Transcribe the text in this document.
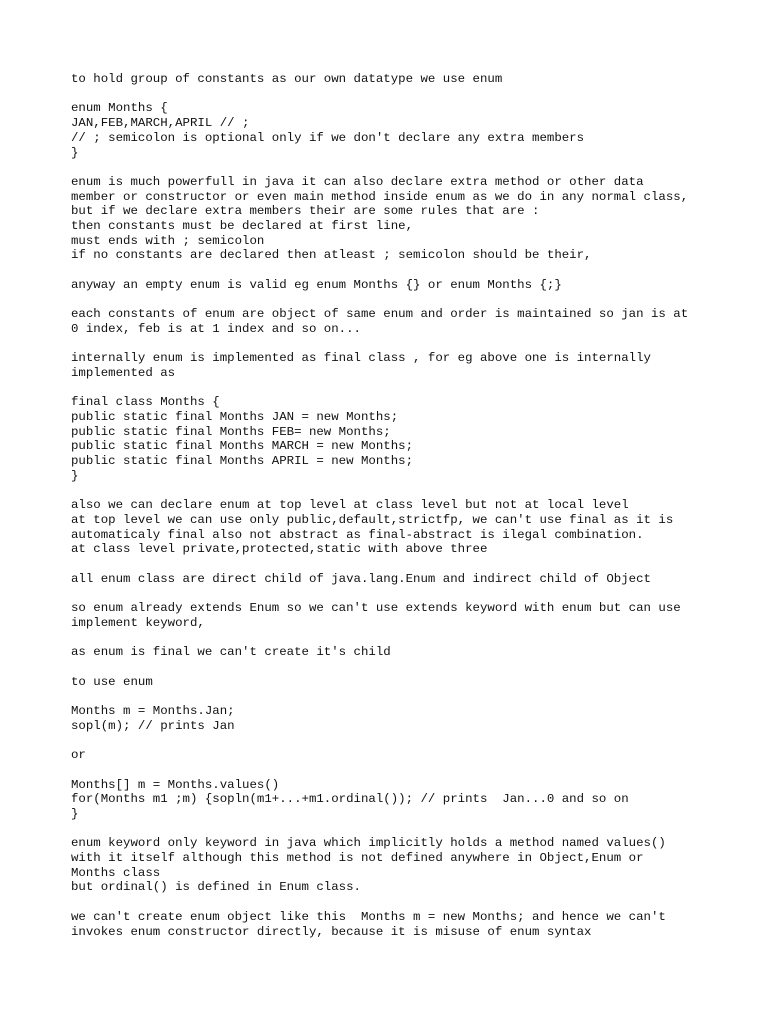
to hold group of constants as our own datatype we use enum
enum Months {
JAN,FEB,MARCH,APRIL // ;
// ; semicolon is optional only if we don't declare any extra members
}
enum is much powerfull in java it can also declare extra method or other data
member or constructor or even main method inside enum as we do in any normal class,
but if we declare extra members their are some rules that are :
then constants must be declared at first line,
must ends with ; semicolon
if no constants are declared then atleast ; semicolon should be their,
anyway an empty enum is valid eg enum Months {} or enum Months {;}
each constants of enum are object of same enum and order is maintained so jan is at
0 index, feb is at 1 index and so on...
internally enum is implemented as final class , for eg above one is internally
implemented as
final class Months {
public static final Months JAN = new Months;
public static final Months FEB= new Months;
public static final Months MARCH = new Months;
public static final Months APRIL = new Months;
}
also we can declare enum at top level at class level but not at local level
at top level we can use only public,default,strictfp, we can't use final as it is
automaticaly final also not abstract as final-abstract is ilegal combination.
at class level private,protected,static with above three
all enum class are direct child of java.lang.Enum and indirect child of Object
so enum already extends Enum so we can't use extends keyword with enum but can use
implement keyword,
as enum is final we can't create it's child
to use enum
Months m = Months.Jan;
sopl(m); // prints Jan
or
Months[] m = Months.values()
for(Months m1 ;m) {sopln(m1+...+m1.ordinal()); // prints  Jan...0 and so on
}
enum keyword only keyword in java which implicitly holds a method named values()
with it itself although this method is not defined anywhere in Object,Enum or
Months class
but ordinal() is defined in Enum class.
we can't create enum object like this  Months m = new Months; and hence we can't
invokes enum constructor directly, because it is misuse of enum syntax
